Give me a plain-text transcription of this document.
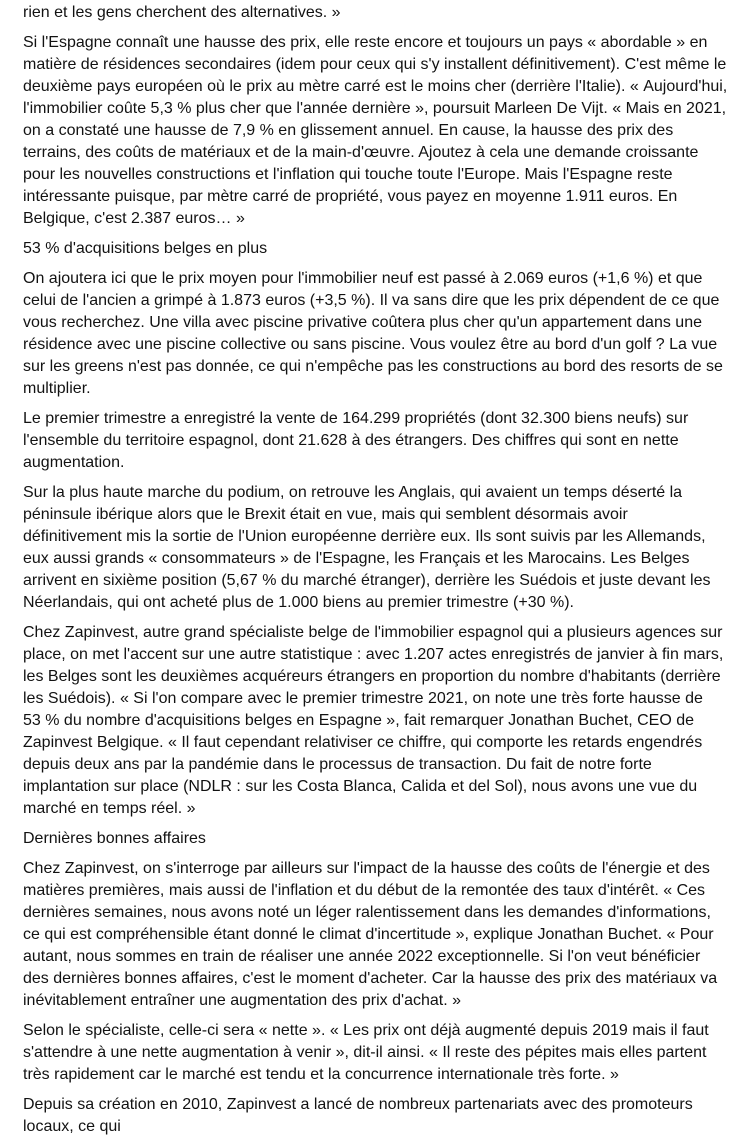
rien et les gens cherchent des alternatives. »

Si l'Espagne connaît une hausse des prix, elle reste encore et toujours un pays « abordable » en matière de résidences secondaires (idem pour ceux qui s'y installent définitivement). C'est même le deuxième pays européen où le prix au mètre carré est le moins cher (derrière l'Italie). « Aujourd'hui, l'immobilier coûte 5,3 % plus cher que l'année dernière », poursuit Marleen De Vijt. « Mais en 2021, on a constaté une hausse de 7,9 % en glissement annuel. En cause, la hausse des prix des terrains, des coûts de matériaux et de la main-d'œuvre. Ajoutez à cela une demande croissante pour les nouvelles constructions et l'inflation qui touche toute l'Europe. Mais l'Espagne reste intéressante puisque, par mètre carré de propriété, vous payez en moyenne 1.911 euros. En Belgique, c'est 2.387 euros… »

53 % d'acquisitions belges en plus

On ajoutera ici que le prix moyen pour l'immobilier neuf est passé à 2.069 euros (+1,6 %) et que celui de l'ancien a grimpé à 1.873 euros (+3,5 %). Il va sans dire que les prix dépendent de ce que vous recherchez. Une villa avec piscine privative coûtera plus cher qu'un appartement dans une résidence avec une piscine collective ou sans piscine. Vous voulez être au bord d'un golf ? La vue sur les greens n'est pas donnée, ce qui n'empêche pas les constructions au bord des resorts de se multiplier.

Le premier trimestre a enregistré la vente de 164.299 propriétés (dont 32.300 biens neufs) sur l'ensemble du territoire espagnol, dont 21.628 à des étrangers. Des chiffres qui sont en nette augmentation.

Sur la plus haute marche du podium, on retrouve les Anglais, qui avaient un temps déserté la péninsule ibérique alors que le Brexit était en vue, mais qui semblent désormais avoir définitivement mis la sortie de l'Union européenne derrière eux. Ils sont suivis par les Allemands, eux aussi grands « consommateurs » de l'Espagne, les Français et les Marocains. Les Belges arrivent en sixième position (5,67 % du marché étranger), derrière les Suédois et juste devant les Néerlandais, qui ont acheté plus de 1.000 biens au premier trimestre (+30 %).

Chez Zapinvest, autre grand spécialiste belge de l'immobilier espagnol qui a plusieurs agences sur place, on met l'accent sur une autre statistique : avec 1.207 actes enregistrés de janvier à fin mars, les Belges sont les deuxièmes acquéreurs étrangers en proportion du nombre d'habitants (derrière les Suédois). « Si l'on compare avec le premier trimestre 2021, on note une très forte hausse de 53 % du nombre d'acquisitions belges en Espagne », fait remarquer Jonathan Buchet, CEO de Zapinvest Belgique. « Il faut cependant relativiser ce chiffre, qui comporte les retards engendrés depuis deux ans par la pandémie dans le processus de transaction. Du fait de notre forte implantation sur place (NDLR : sur les Costa Blanca, Calida et del Sol), nous avons une vue du marché en temps réel. »

Dernières bonnes affaires

Chez Zapinvest, on s'interroge par ailleurs sur l'impact de la hausse des coûts de l'énergie et des matières premières, mais aussi de l'inflation et du début de la remontée des taux d'intérêt. « Ces dernières semaines, nous avons noté un léger ralentissement dans les demandes d'informations, ce qui est compréhensible étant donné le climat d'incertitude », explique Jonathan Buchet. « Pour autant, nous sommes en train de réaliser une année 2022 exceptionnelle. Si l'on veut bénéficier des dernières bonnes affaires, c'est le moment d'acheter. Car la hausse des prix des matériaux va inévitablement entraîner une augmentation des prix d'achat. »

Selon le spécialiste, celle-ci sera « nette ». « Les prix ont déjà augmenté depuis 2019 mais il faut s'attendre à une nette augmentation à venir », dit-il ainsi. « Il reste des pépites mais elles partent très rapidement car le marché est tendu et la concurrence internationale très forte. »

Depuis sa création en 2010, Zapinvest a lancé de nombreux partenariats avec des promoteurs locaux, ce qui
